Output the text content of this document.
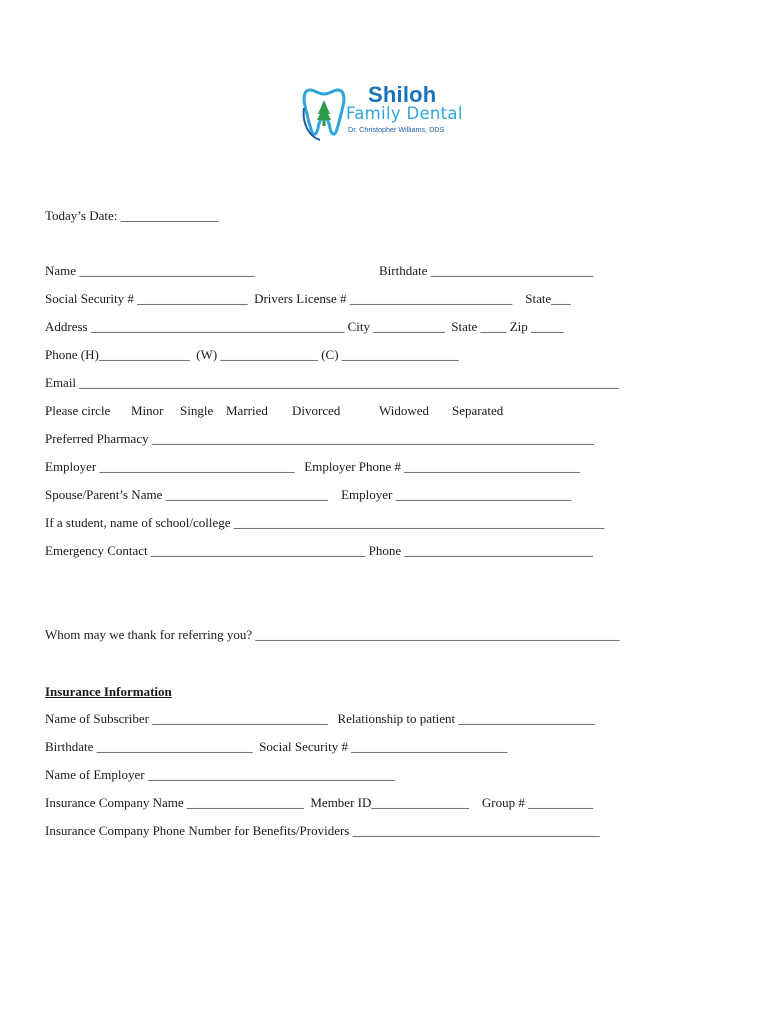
Shiloh
Family Dental
Dr. Christopher Williams, DDS
Today’s Date: _______________
Name ___________________________	Birthdate _________________________
Social Security # _________________  Drivers License # _________________________    State___
Address _______________________________________ City ___________  State ____ Zip _____
Phone (H)______________  (W) _______________ (C) __________________
Email ___________________________________________________________________________________
Please circle Minor Single Married Divorced	Widowed Separated
Preferred Pharmacy ____________________________________________________________________
Employer ______________________________   Employer Phone # ___________________________
Spouse/Parent’s Name _________________________    Employer ___________________________
If a student, name of school/college _________________________________________________________
Emergency Contact _________________________________ Phone _____________________________
Whom may we thank for referring you? ________________________________________________________
Insurance Information
Name of Subscriber ___________________________   Relationship to patient _____________________
Birthdate ________________________  Social Security # ________________________
Name of Employer ______________________________________
Insurance Company Name __________________  Member ID_______________    Group # __________
Insurance Company Phone Number for Benefits/Providers ______________________________________
